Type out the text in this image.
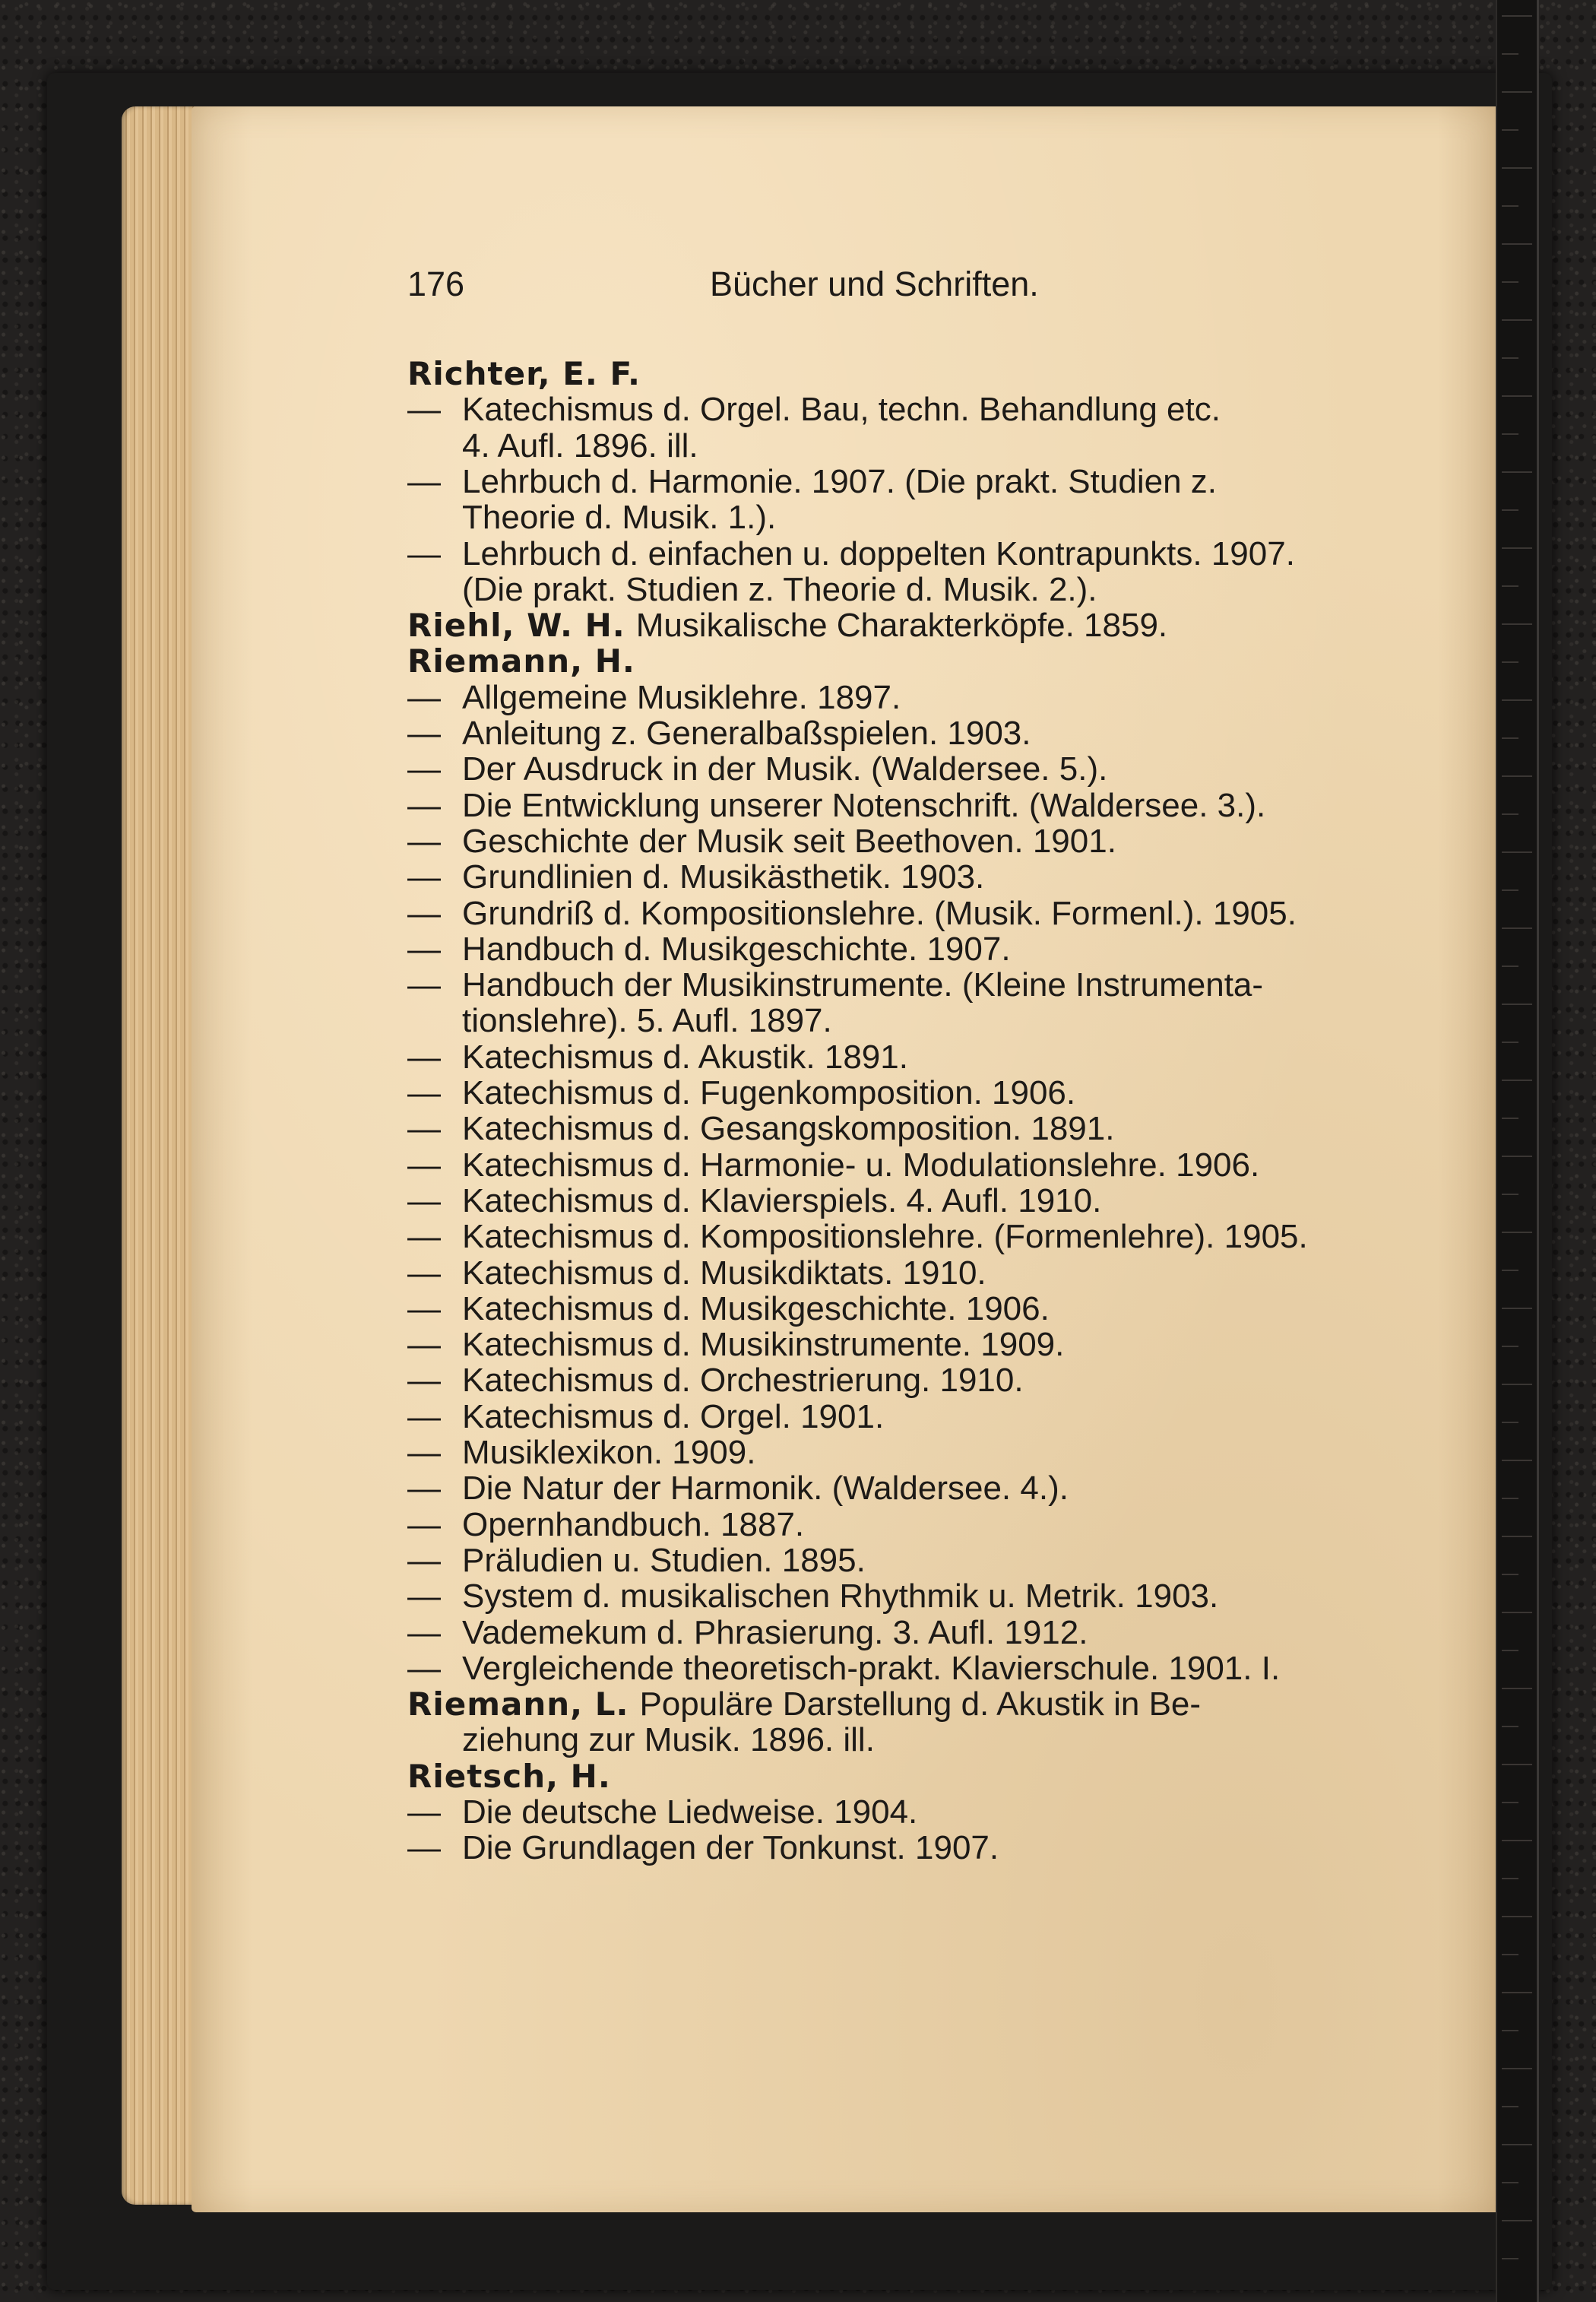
176	Bücher und Schriften.
Richter, E. F.
— Katechismus d. Orgel. Bau, techn. Behandlung etc.
4. Aufl. 1896. ill.
— Lehrbuch d. Harmonie. 1907. (Die prakt. Studien z.
Theorie d. Musik. 1.).
— Lehrbuch d. einfachen u. doppelten Kontrapunkts. 1907.
(Die prakt. Studien z. Theorie d. Musik. 2.).
Riehl, W. H. Musikalische Charakterköpfe. 1859.
Riemann, H.
— Allgemeine Musiklehre. 1897.
— Anleitung z. Generalbaßspielen. 1903.
— Der Ausdruck in der Musik. (Waldersee. 5.).
— Die Entwicklung unserer Notenschrift. (Waldersee. 3.).
— Geschichte der Musik seit Beethoven. 1901.
— Grundlinien d. Musikästhetik. 1903.
— Grundriß d. Kompositionslehre. (Musik. Formenl.). 1905.
— Handbuch d. Musikgeschichte. 1907.
— Handbuch der Musikinstrumente. (Kleine Instrumenta-
tionslehre). 5. Aufl. 1897.
— Katechismus d. Akustik. 1891.
— Katechismus d. Fugenkomposition. 1906.
— Katechismus d. Gesangskomposition. 1891.
— Katechismus d. Harmonie- u. Modulationslehre. 1906.
— Katechismus d. Klavierspiels. 4. Aufl. 1910.
— Katechismus d. Kompositionslehre. (Formenlehre). 1905.
— Katechismus d. Musikdiktats. 1910.
— Katechismus d. Musikgeschichte. 1906.
— Katechismus d. Musikinstrumente. 1909.
— Katechismus d. Orchestrierung. 1910.
— Katechismus d. Orgel. 1901.
— Musiklexikon. 1909.
— Die Natur der Harmonik. (Waldersee. 4.).
— Opernhandbuch. 1887.
— Präludien u. Studien. 1895.
— System d. musikalischen Rhythmik u. Metrik. 1903.
— Vademekum d. Phrasierung. 3. Aufl. 1912.
— Vergleichende theoretisch-prakt. Klavierschule. 1901. I.
Riemann, L. Populäre Darstellung d. Akustik in Be-
ziehung zur Musik. 1896. ill.
Rietsch, H.
— Die deutsche Liedweise. 1904.
— Die Grundlagen der Tonkunst. 1907.
